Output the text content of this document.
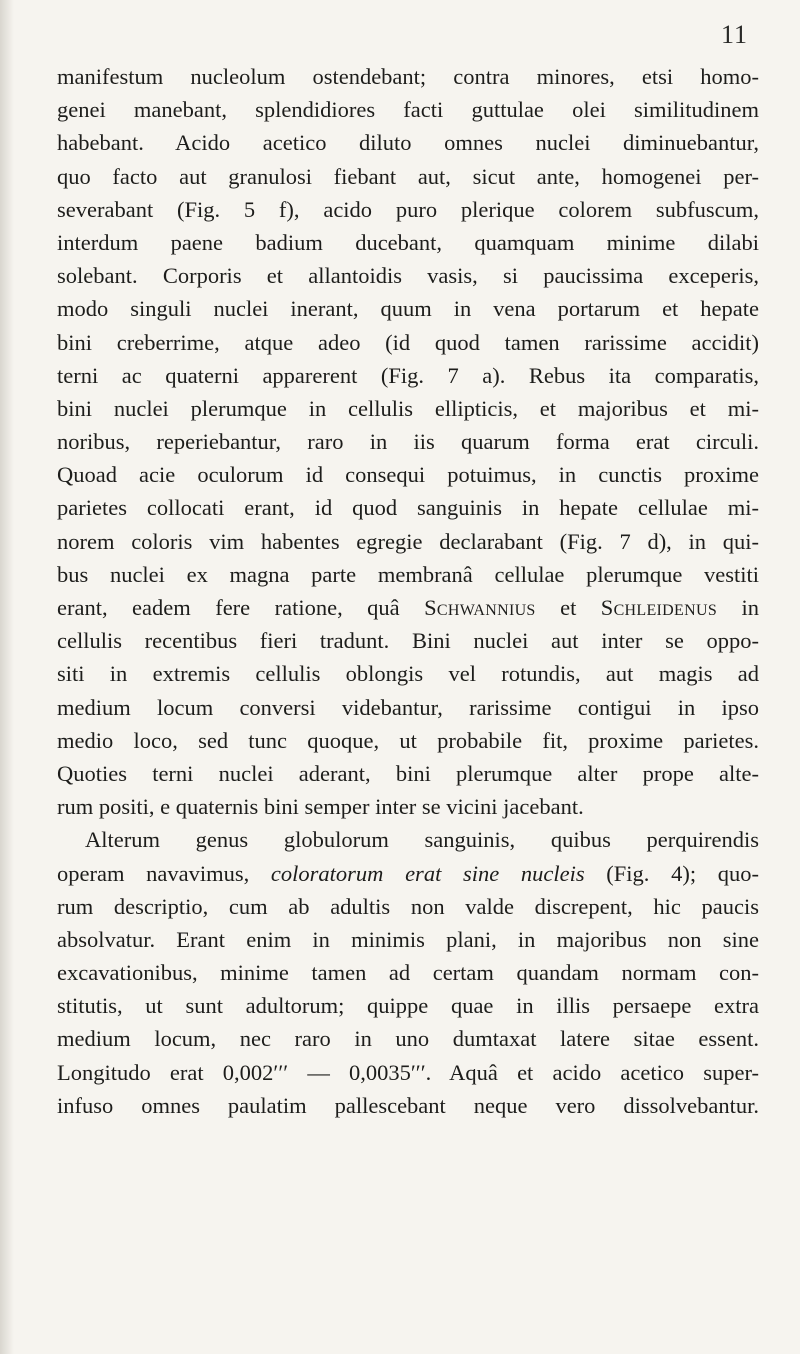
11
manifestum nucleolum ostendebant; contra minores, etsi homo-
genei manebant, splendidiores facti guttulae olei similitudinem
habebant. Acido acetico diluto omnes nuclei diminuebantur,
quo facto aut granulosi fiebant aut, sicut ante, homogenei per-
severabant (Fig. 5 f), acido puro plerique colorem subfuscum,
interdum paene badium ducebant, quamquam minime dilabi
solebant. Corporis et allantoidis vasis, si paucissima exceperis,
modo singuli nuclei inerant, quum in vena portarum et hepate
bini creberrime, atque adeo (id quod tamen rarissime accidit)
terni ac quaterni apparerent (Fig. 7 a). Rebus ita comparatis,
bini nuclei plerumque in cellulis ellipticis, et majoribus et mi-
noribus, reperiebantur, raro in iis quarum forma erat circuli.
Quoad acie oculorum id consequi potuimus, in cunctis proxime
parietes collocati erant, id quod sanguinis in hepate cellulae mi-
norem coloris vim habentes egregie declarabant (Fig. 7 d), in qui-
bus nuclei ex magna parte membranâ cellulae plerumque vestiti
erant, eadem fere ratione, quâ Schwannius et Schleidenus in
cellulis recentibus fieri tradunt. Bini nuclei aut inter se oppo-
siti in extremis cellulis oblongis vel rotundis, aut magis ad
medium locum conversi videbantur, rarissime contigui in ipso
medio loco, sed tunc quoque, ut probabile fit, proxime parietes.
Quoties terni nuclei aderant, bini plerumque alter prope alte-
rum positi, e quaternis bini semper inter se vicini jacebant.
Alterum genus globulorum sanguinis, quibus perquirendis
operam navavimus, coloratorum erat sine nucleis (Fig. 4); quo-
rum descriptio, cum ab adultis non valde discrepent, hic paucis
absolvatur. Erant enim in minimis plani, in majoribus non sine
excavationibus, minime tamen ad certam quandam normam con-
stitutis, ut sunt adultorum; quippe quae in illis persaepe extra
medium locum, nec raro in uno dumtaxat latere sitae essent.
Longitudo erat 0,002′′′ — 0,0035′′′. Aquâ et acido acetico super-
infuso omnes paulatim pallescebant neque vero dissolvebantur.
